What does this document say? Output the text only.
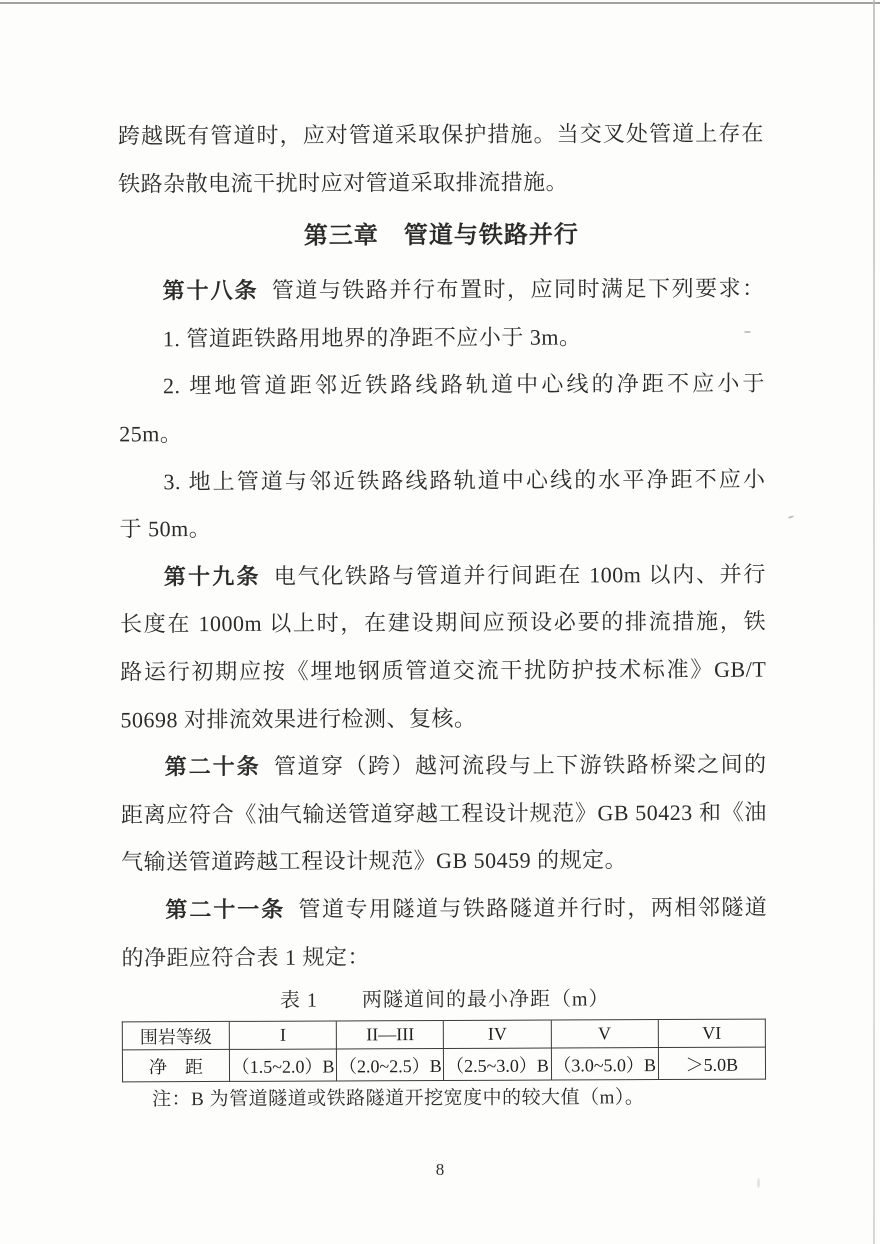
跨越既有管道时，应对管道采取保护措施。当交叉处管道上存在
铁路杂散电流干扰时应对管道采取排流措施。
第三章　管道与铁路并行
第十八条 管道与铁路并行布置时，应同时满足下列要求：
1. 管道距铁路用地界的净距不应小于 3m。
2. 埋地管道距邻近铁路线路轨道中心线的净距不应小于
25m。
3. 地上管道与邻近铁路线路轨道中心线的水平净距不应小
于 50m。
第十九条 电气化铁路与管道并行间距在 100m 以内、并行
长度在 1000m 以上时，在建设期间应预设必要的排流措施，铁
路运行初期应按《埋地钢质管道交流干扰防护技术标准》GB/T
50698 对排流效果进行检测、复核。
第二十条 管道穿（跨）越河流段与上下游铁路桥梁之间的
距离应符合《油气输送管道穿越工程设计规范》GB 50423 和《油
气输送管道跨越工程设计规范》GB 50459 的规定。
第二十一条 管道专用隧道与铁路隧道并行时，两相邻隧道
的净距应符合表 1 规定：
表 1 两隧道间的最小净距（m）
围岩等级	I	II—III	IV	V	VI
净　距	（1.5~2.0）B	（2.0~2.5）B	（2.5~3.0）B	（3.0~5.0）B	＞5.0B
注：B 为管道隧道或铁路隧道开挖宽度中的较大值（m）。
8
